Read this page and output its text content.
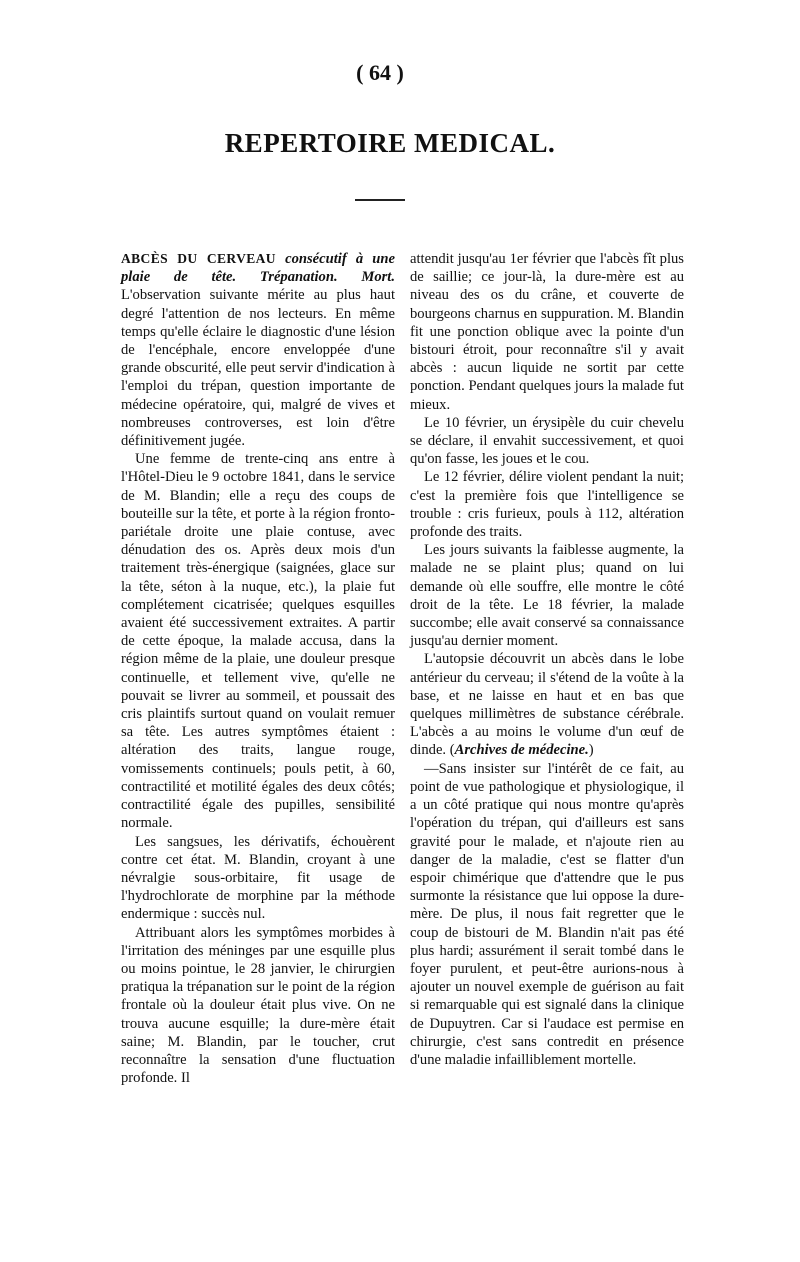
( 64 )
REPERTOIRE MEDICAL.

ABCÈS DU CERVEAU consécutif à une plaie de tête. Trépanation. Mort. L'observation suivante mérite au plus haut degré l'attention de nos lecteurs. En même temps qu'elle éclaire le diagnostic d'une lésion de l'encéphale, encore enveloppée d'une grande obscurité, elle peut servir d'indication à l'emploi du trépan, question importante de médecine opératoire, qui, malgré de vives et nombreuses controverses, est loin d'être définitivement jugée.

Une femme de trente-cinq ans entre à l'Hôtel-Dieu le 9 octobre 1841, dans le service de M. Blandin; elle a reçu des coups de bouteille sur la tête, et porte à la région fronto-pariétale droite une plaie contuse, avec dénudation des os. Après deux mois d'un traitement très-énergique (saignées, glace sur la tête, séton à la nuque, etc.), la plaie fut complétement cicatrisée; quelques esquilles avaient été successivement extraites. A partir de cette époque, la malade accusa, dans la région même de la plaie, une douleur presque continuelle, et tellement vive, qu'elle ne pouvait se livrer au sommeil, et poussait des cris plaintifs surtout quand on voulait remuer sa tête. Les autres symptômes étaient : altération des traits, langue rouge, vomissements continuels; pouls petit, à 60, contractilité et motilité égales des deux côtés; contractilité égale des pupilles, sensibilité normale.

Les sangsues, les dérivatifs, échouèrent contre cet état. M. Blandin, croyant à une névralgie sous-orbitaire, fit usage de l'hydrochlorate de morphine par la méthode endermique : succès nul.

Attribuant alors les symptômes morbides à l'irritation des méninges par une esquille plus ou moins pointue, le 28 janvier, le chirurgien pratiqua la trépanation sur le point de la région frontale où la douleur était plus vive. On ne trouva aucune esquille; la dure-mère était saine; M. Blandin, par le toucher, crut reconnaître la sensation d'une fluctuation profonde. Il

attendit jusqu'au 1er février que l'abcès fît plus de saillie; ce jour-là, la dure-mère est au niveau des os du crâne, et couverte de bourgeons charnus en suppuration. M. Blandin fit une ponction oblique avec la pointe d'un bistouri étroit, pour reconnaître s'il y avait abcès : aucun liquide ne sortit par cette ponction. Pendant quelques jours la malade fut mieux.

Le 10 février, un érysipèle du cuir chevelu se déclare, il envahit successivement, et quoi qu'on fasse, les joues et le cou.

Le 12 février, délire violent pendant la nuit; c'est la première fois que l'intelligence se trouble : cris furieux, pouls à 112, altération profonde des traits.

Les jours suivants la faiblesse augmente, la malade ne se plaint plus; quand on lui demande où elle souffre, elle montre le côté droit de la tête. Le 18 février, la malade succombe; elle avait conservé sa connaissance jusqu'au dernier moment.

L'autopsie découvrit un abcès dans le lobe antérieur du cerveau; il s'étend de la voûte à la base, et ne laisse en haut et en bas que quelques millimètres de substance cérébrale. L'abcès a au moins le volume d'un œuf de dinde. (Archives de médecine.)

—Sans insister sur l'intérêt de ce fait, au point de vue pathologique et physiologique, il a un côté pratique qui nous montre qu'après l'opération du trépan, qui d'ailleurs est sans gravité pour le malade, et n'ajoute rien au danger de la maladie, c'est se flatter d'un espoir chimérique que d'attendre que le pus surmonte la résistance que lui oppose la dure-mère. De plus, il nous fait regretter que le coup de bistouri de M. Blandin n'ait pas été plus hardi; assurément il serait tombé dans le foyer purulent, et peut-être aurions-nous à ajouter un nouvel exemple de guérison au fait si remarquable qui est signalé dans la clinique de Dupuytren. Car si l'audace est permise en chirurgie, c'est sans contredit en présence d'une maladie infailliblement mortelle.
